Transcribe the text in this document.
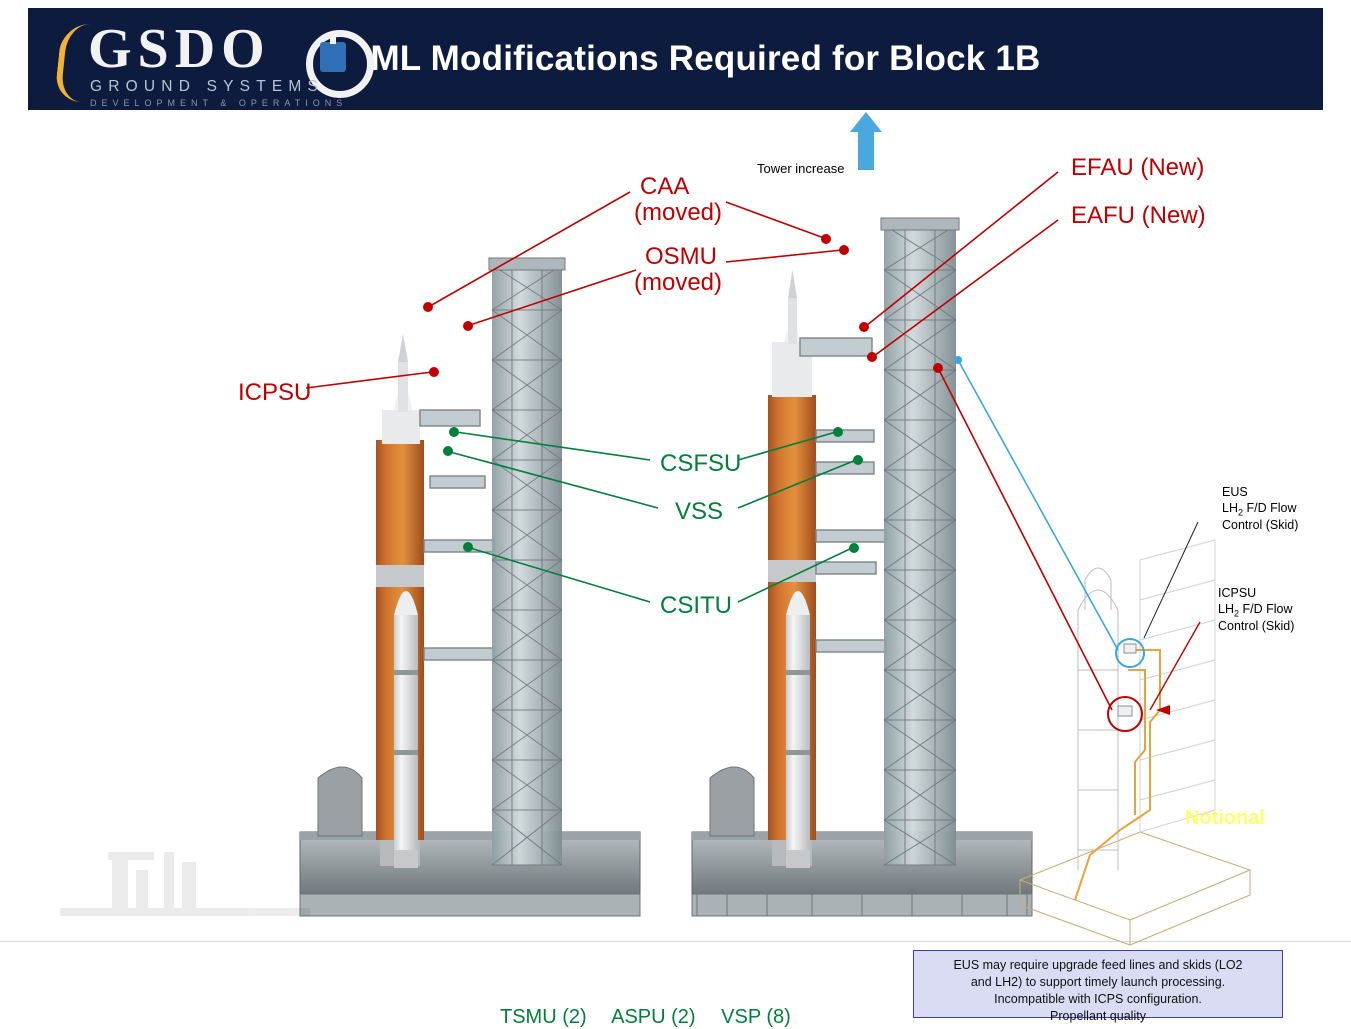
ML Modifications Required for Block 1B
GSDO
GROUND SYSTEMS
DEVELOPMENT & OPERATIONS
Tower increase
CAA
(moved)
OSMU
(moved)
ICPSU
EFAU (New)
EAFU (New)
CSFSU
VSS
CSITU
EUS
$LH_2$ F/D Flow
Control (Skid)
ICPSU
$LH_2$ F/D Flow
Control (Skid)
Notional
EUS may require upgrade feed lines and skids (LO2
and LH2) to support timely launch processing.
Incompatible with ICPS configuration.
Propellant quality
TSMU (2) ASPU (2) VSP (8)
